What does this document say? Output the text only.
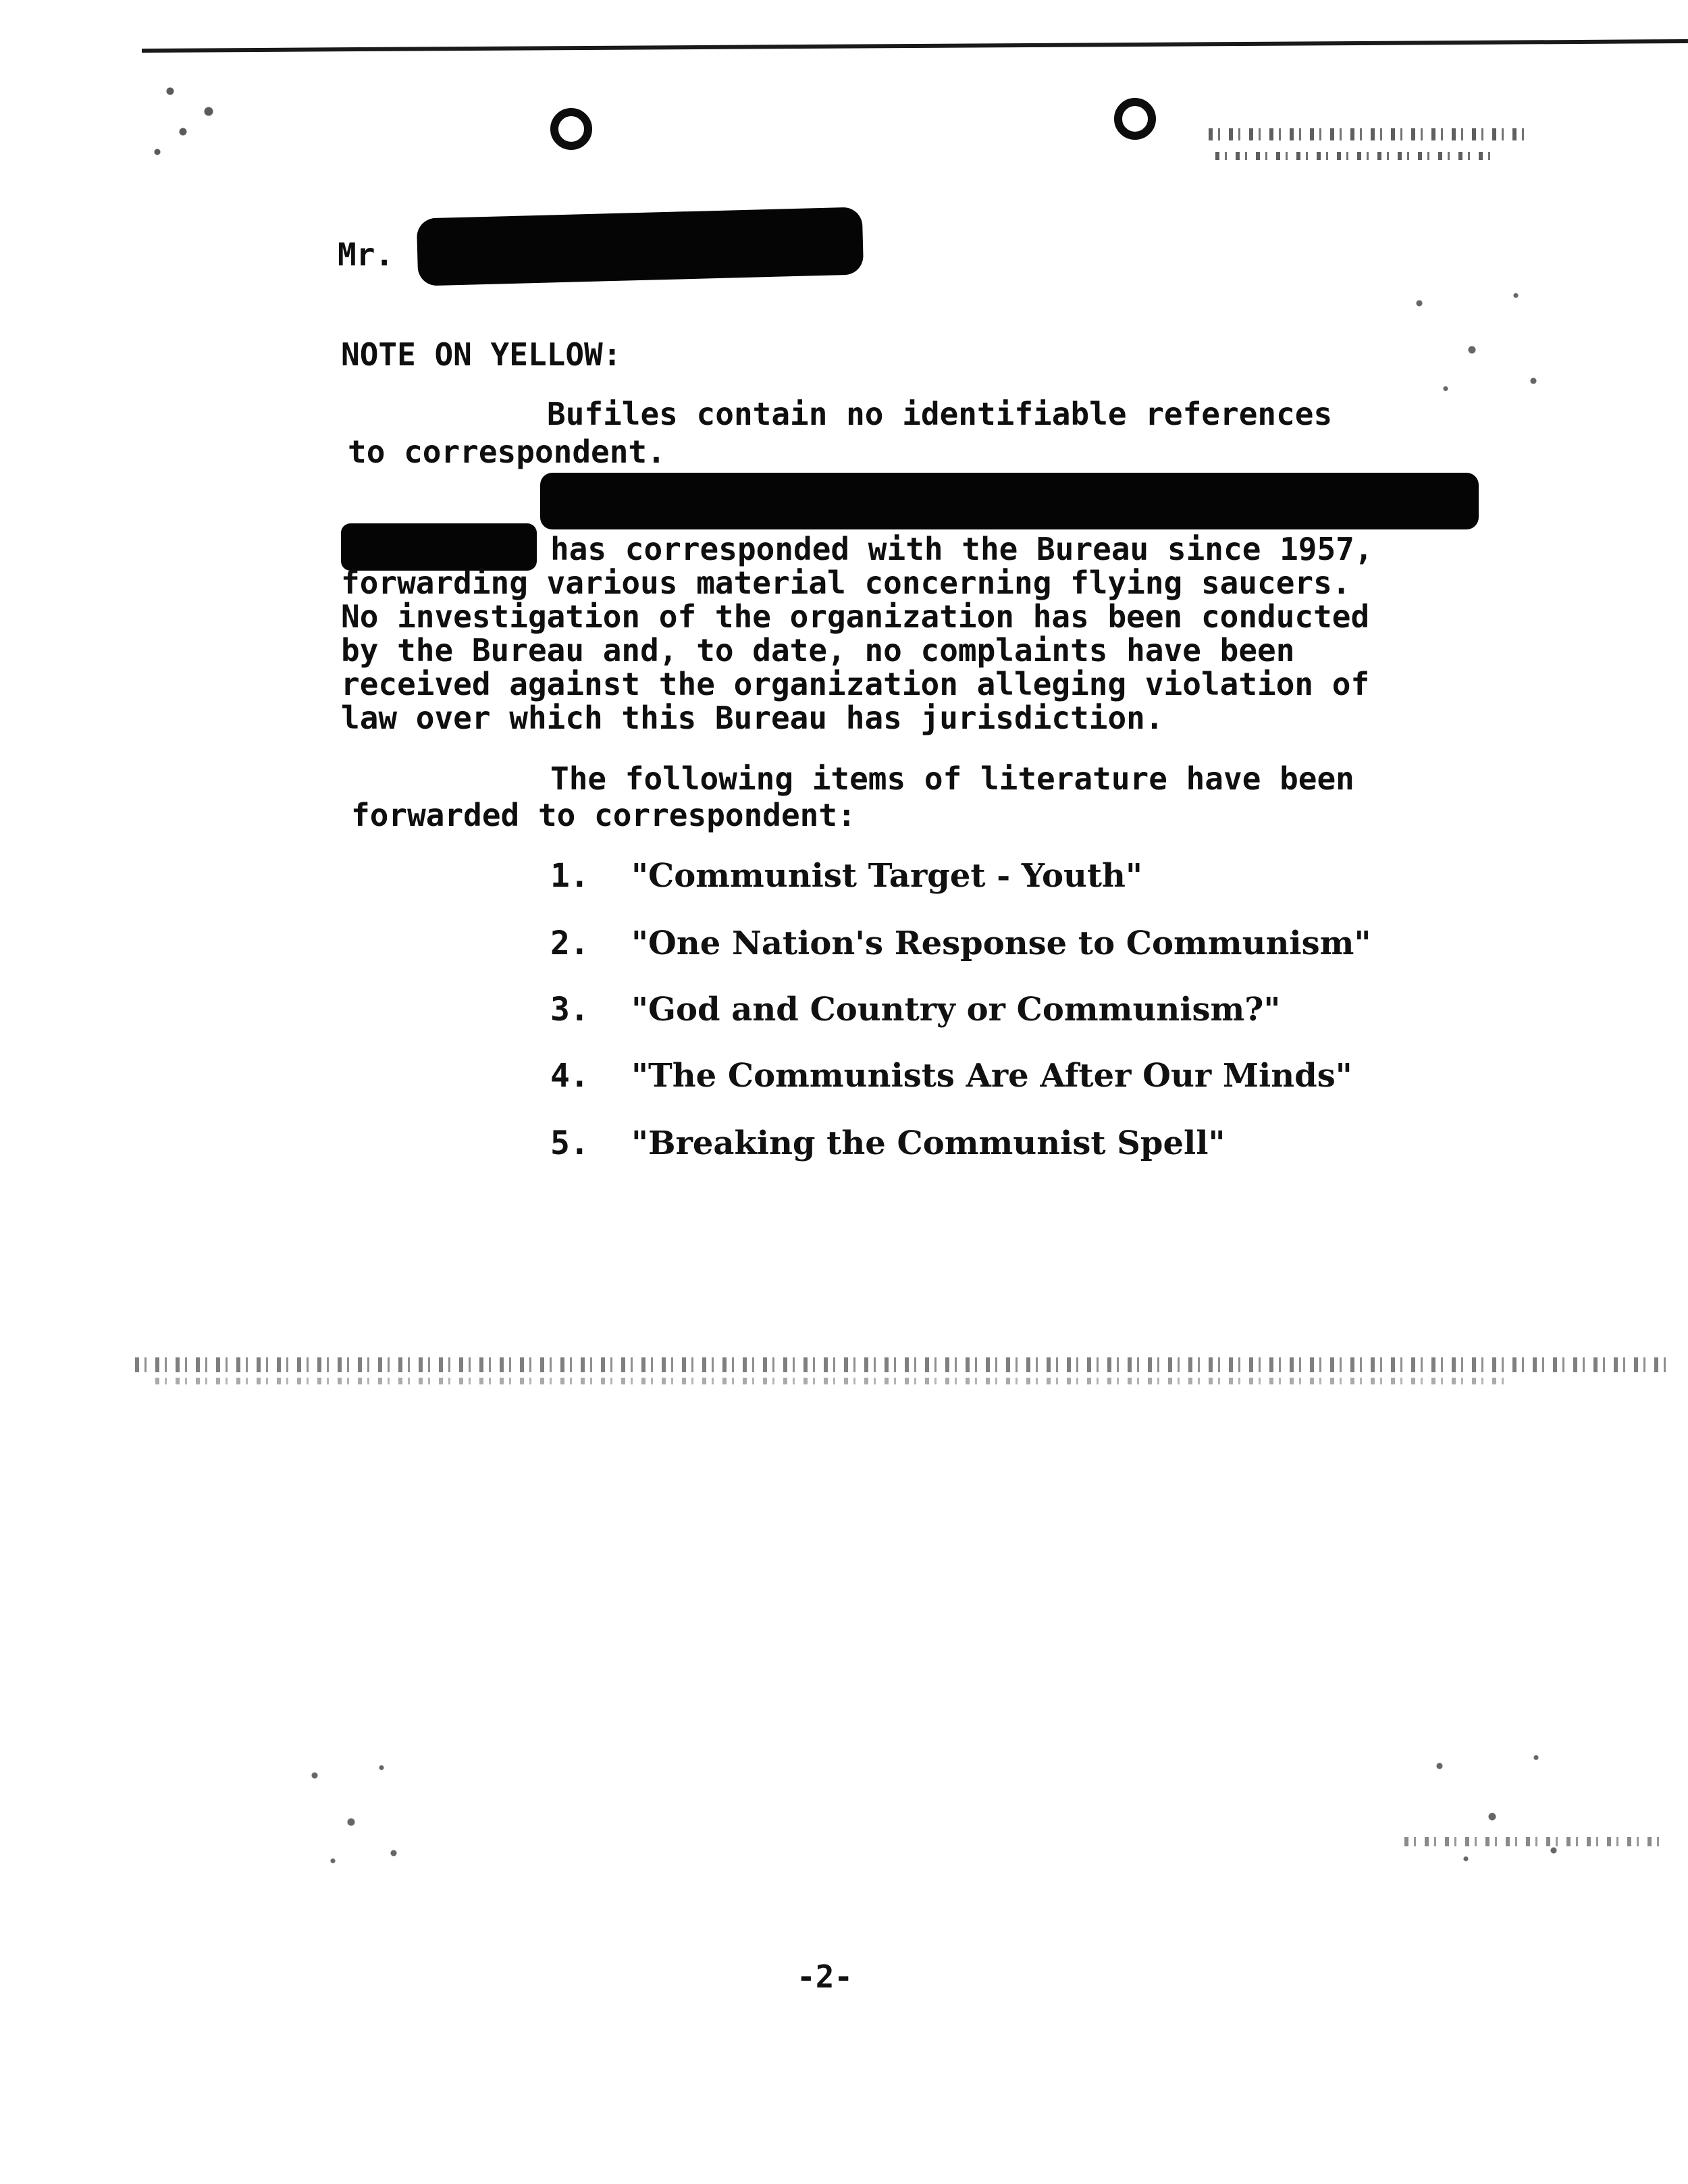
Mr.
NOTE ON YELLOW:
Bufiles contain no identifiable references
to correspondent.
has corresponded with the Bureau since 1957,
forwarding various material concerning flying saucers.
No investigation of the organization has been conducted
by the Bureau and, to date, no complaints have been
received against the organization alleging violation of
law over which this Bureau has jurisdiction.
The following items of literature have been
forwarded to correspondent:
1. "Communist Target - Youth"
2. "One Nation's Response to Communism"
3. "God and Country or Communism?"
4. "The Communists Are After Our Minds"
5. "Breaking the Communist Spell"
-2-
